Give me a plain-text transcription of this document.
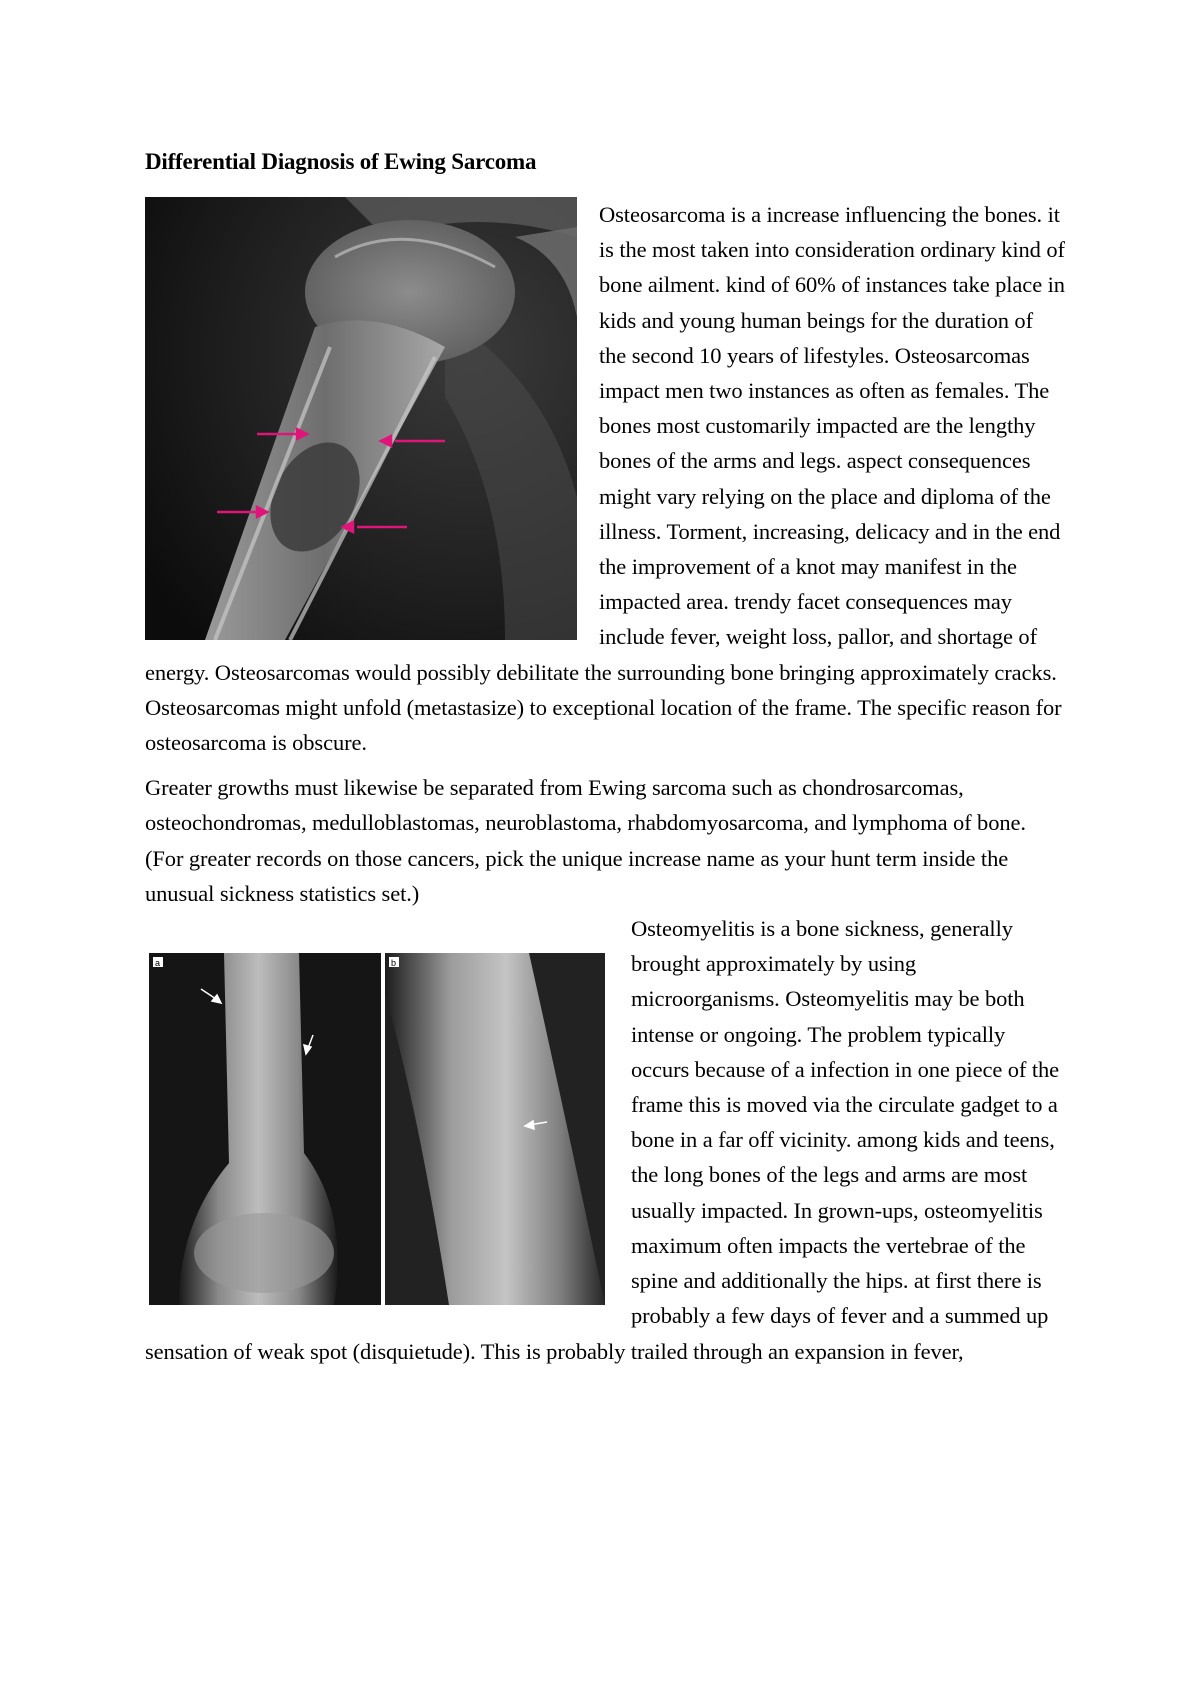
Differential Diagnosis of Ewing Sarcoma

Osteosarcoma is a increase influencing the bones. it is the most taken into consideration ordinary kind of bone ailment. kind of 60% of instances take place in kids and young human beings for the duration of the second 10 years of lifestyles. Osteosarcomas impact men two instances as often as females. The bones most customarily impacted are the lengthy bones of the arms and legs. aspect consequences might vary relying on the place and diploma of the illness. Torment, increasing, delicacy and in the end the improvement of a knot may manifest in the impacted area. trendy facet consequences may include fever, weight loss, pallor, and shortage of energy. Osteosarcomas would possibly debilitate the surrounding bone bringing approximately cracks. Osteosarcomas might unfold (metastasize) to exceptional location of the frame. The specific reason for osteosarcoma is obscure.

Greater growths must likewise be separated from Ewing sarcoma such as chondrosarcomas, osteochondromas, medulloblastomas, neuroblastoma, rhabdomyosarcoma, and lymphoma of bone. (For greater records on those cancers, pick the unique increase name as your hunt term inside the unusual sickness statistics set.)

a	b

Osteomyelitis is a bone sickness, generally brought approximately by using microorganisms. Osteomyelitis may be both intense or ongoing. The problem typically occurs because of a infection in one piece of the frame this is moved via the circulate gadget to a bone in a far off vicinity. among kids and teens, the long bones of the legs and arms are most usually impacted. In grown-ups, osteomyelitis maximum often impacts the vertebrae of the spine and additionally the hips. at first there is probably a few days of fever and a summed up sensation of weak spot (disquietude). This is probably trailed through an expansion in fever,
